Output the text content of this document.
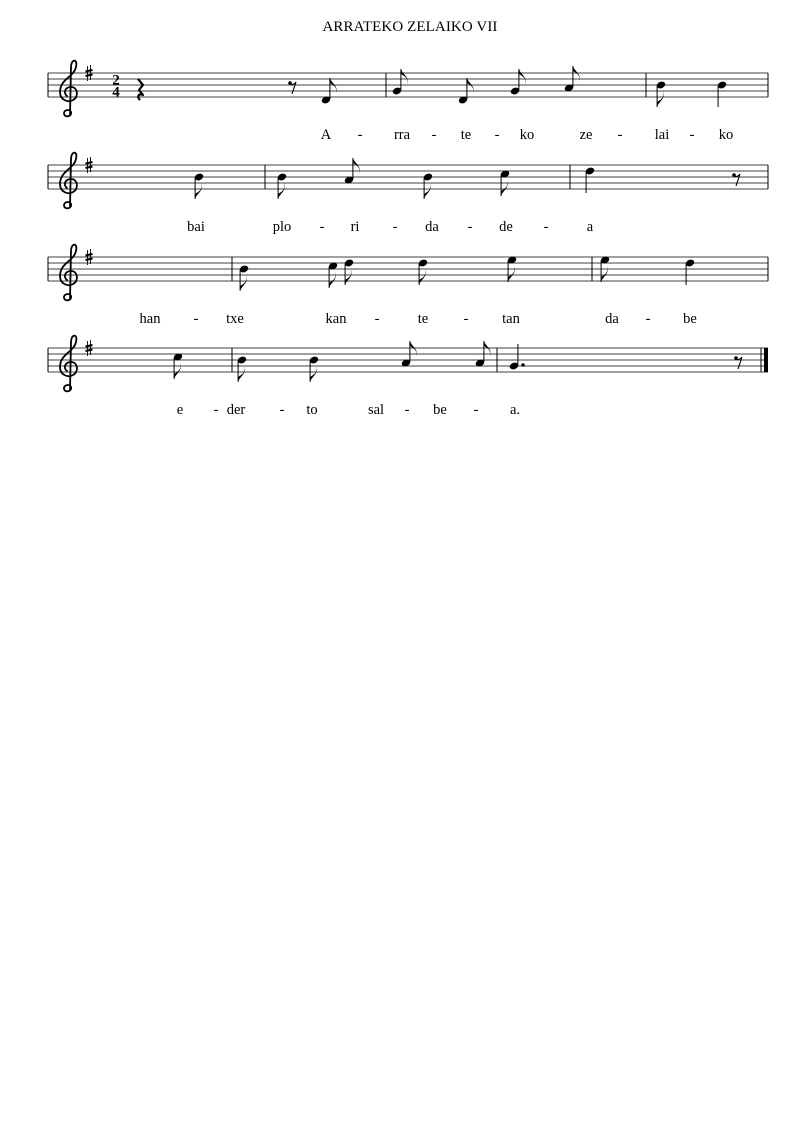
ARRATEKO ZELAIKO VII
2
4
A - rra - te - ko	ze - lai - ko
bai	plo - ri - da - de -	a
han - txe	kan -	te - tan	da - be
e - der - to	sal - be - a.
